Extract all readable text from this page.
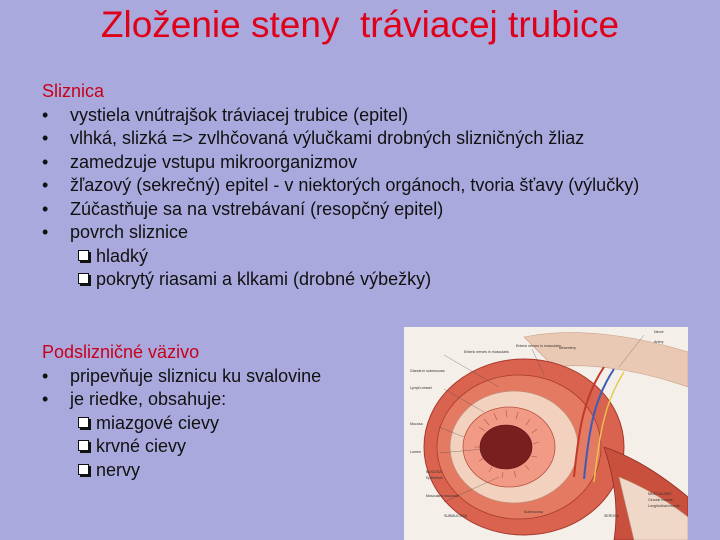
Zloženie steny  tráviacej trubice

Sliznica

• vystiela vnútrajšok tráviacej trubice (epitel)
• vlhká, slizká => zvlhčovaná výlučkami drobných slizničných žliaz
• zamedzuje vstupu mikroorganizmov
• žľazový (sekrečný) epitel - v niektorých orgánoch, tvoria šťavy (výlučky)
• Zúčastňuje sa na vstrebávaní (resopčný epitel)
• povrch sliznice
hladký
pokrytý riasami a klkami (drobné výbežky)

Podslizničné väzivo

• pripevňuje sliznicu ku svalovine
• je riedke, obsahuje:
miazgové cievy
krvné cievy
nervy
Enteric nerves in muscularis
Enteric nerves in muscularis
Mesentery
Nerve
Artery
Glands in submucosa
Lymph vessel
Mucosa
Lumen
MUCOSA
Epithelium
Muscularis mucosae
SUBMUCOSA
Submucosa
MUSCULARIS
Circular muscle
Longitudinal muscle
SEROSA
